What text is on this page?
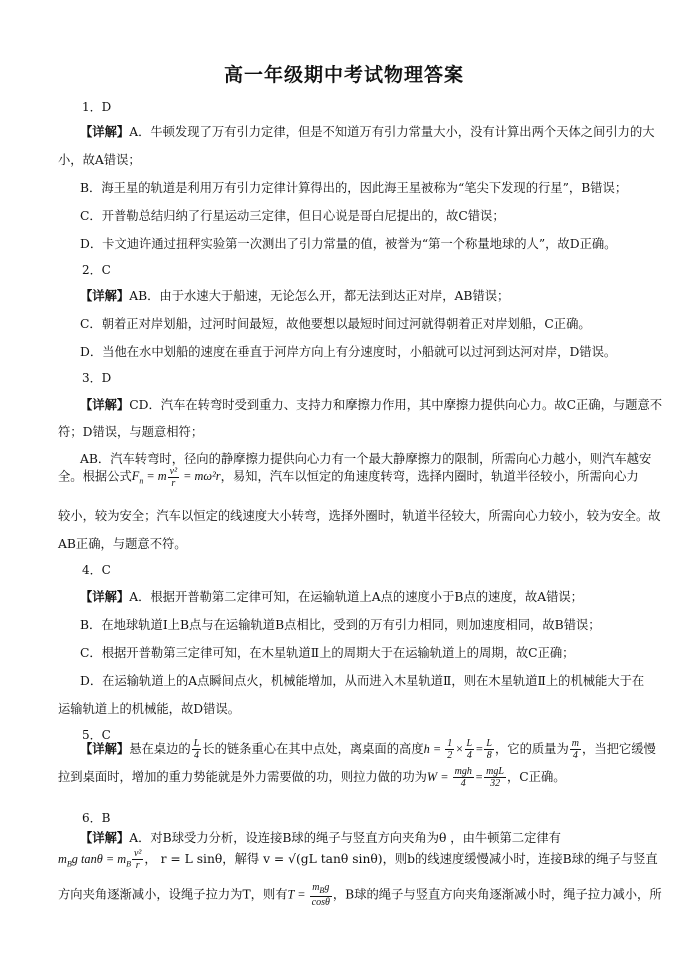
高一年级期中考试物理答案
1．D
【详解】A．牛顿发现了万有引力定律，但是不知道万有引力常量大小，没有计算出两个天体之间引力的大
小，故A错误；
B．海王星的轨道是利用万有引力定律计算得出的，因此海王星被称为“笔尖下发现的行星”，B错误；
C．开普勒总结归纳了行星运动三定律，但日心说是哥白尼提出的，故C错误；
D．卡文迪许通过扭秤实验第一次测出了引力常量的值，被誉为“第一个称量地球的人”，故D正确。
2．C
【详解】AB．由于水速大于船速，无论怎么开，都无法到达正对岸，AB错误；
C．朝着正对岸划船，过河时间最短，故他要想以最短时间过河就得朝着正对岸划船，C正确。
D．当他在水中划船的速度在垂直于河岸方向上有分速度时，小船就可以过河到达河对岸，D错误。
3．D
【详解】CD．汽车在转弯时受到重力、支持力和摩擦力作用，其中摩擦力提供向心力。故C正确，与题意不
符；D错误，与题意相符；
AB．汽车转弯时，径向的静摩擦力提供向心力有一个最大静摩擦力的限制，所需向心力越小，则汽车越安
全。根据公式$F_n = m \frac{\text{v²}}{r} = m\omega^2r$，易知，汽车以恒定的角速度转弯，选择内圈时，轨道半径较小，所需向心力
较小，较为安全；汽车以恒定的线速度大小转弯，选择外圈时，轨道半径较大，所需向心力较小，较为安全。故
AB正确，与题意不符。
4．C
【详解】A．根据开普勒第二定律可知，在运输轨道上A点的速度小于B点的速度，故A错误；
B．在地球轨道Ⅰ上B点与在运输轨道B点相比，受到的万有引力相同，则加速度相同，故B错误；
C．根据开普勒第三定律可知，在木星轨道Ⅱ上的周期大于在运输轨道上的周期，故C正确；
D．在运输轨道上的A点瞬间点火，机械能增加，从而进入木星轨道Ⅱ，则在木星轨道Ⅱ上的机械能大于在
运输轨道上的机械能，故D错误。
5．C
【详解】悬在桌边的 $\frac{L}{4}$ 长的链条重心在其中点处，离桌面的高度$h = \frac{1}{2} \times \frac{L}{4} = \frac{L}{8}$ ，它的质量为 $\frac{m}{4}$ ，当把它缓慢
拉到桌面时，增加的重力势能就是外力需要做的功，则拉力做的功为$W = \frac{\text{mgh}}{4} = \frac{\text{mgL}}{32}$ ，C正确。
6．B
【详解】A．对B球受力分析，设连接B球的绳子与竖直方向夹角为θ ，由牛顿第二定律有
$m_Bg$ $\tan\theta = m_B \frac{\text{v²}}{r}$ ， r = L sinθ，解得 v = √(gL tanθ sinθ)，则b的线速度缓慢减小时，连接B球的绳子与竖直
方向夹角逐渐减小，设绳子拉力为T，则有$T = \frac{m_Bg}{\cos\theta}$ ，B球的绳子与竖直方向夹角逐渐减小时，绳子拉力减小，所
